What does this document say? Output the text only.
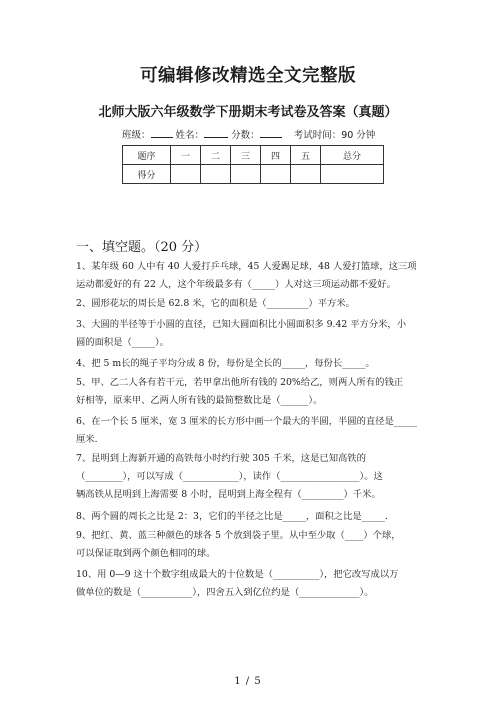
可编辑修改精选全文完整版
北师大版六年级数学下册期末考试卷及答案（真题）
班级：	姓名：	分数：	考试时间：90 分钟
题序	一	二	三	四	五	总分
得分						
一、填空题。（20 分）
1、某年级 60 人中有 40 人爱打乒乓球，45 人爱踢足球，48 人爱打篮球，这三项
运动都爱好的有 22 人，这个年级最多有（_____）人对这三项运动都不爱好。
2、圆形花坛的周长是 62.8 米，它的面积是（_________）平方米。
3、大圆的半径等于小圆的直径，已知大圆面积比小圆面积多 9.42 平方分米，小
圆的面积是（_____）。
4、把 5 m长的绳子平均分成 8 份，每份是全长的_____，每份长_____。
5、甲、乙二人各有若干元，若甲拿出他所有钱的 20%给乙，则两人所有的钱正
好相等，原来甲、乙两人所有钱的最简整数比是（______）。
6、在一个长 5 厘米，宽 3 厘米的长方形中画一个最大的半圆，半圆的直径是_____
厘米.
7、昆明到上海新开通的高铁每小时约行驶 305 千米，这是已知高铁的
（________），可以写成（____________），读作（_________________）。这
辆高铁从昆明到上海需要 8 小时，昆明到上海全程有（_________）千米。
8、两个圆的周长之比是 2：3，它们的半径之比是_____，面积之比是_____.
9、把红、黄、蓝三种颜色的球各 5 个放到袋子里。从中至少取（____）个球，
可以保证取到两个颜色相同的球。
10、用 0—9 这十个数字组成最大的十位数是（__________），把它改写成以万
做单位的数是（___________），四舍五入到亿位约是（_____________）。
1 / 5
